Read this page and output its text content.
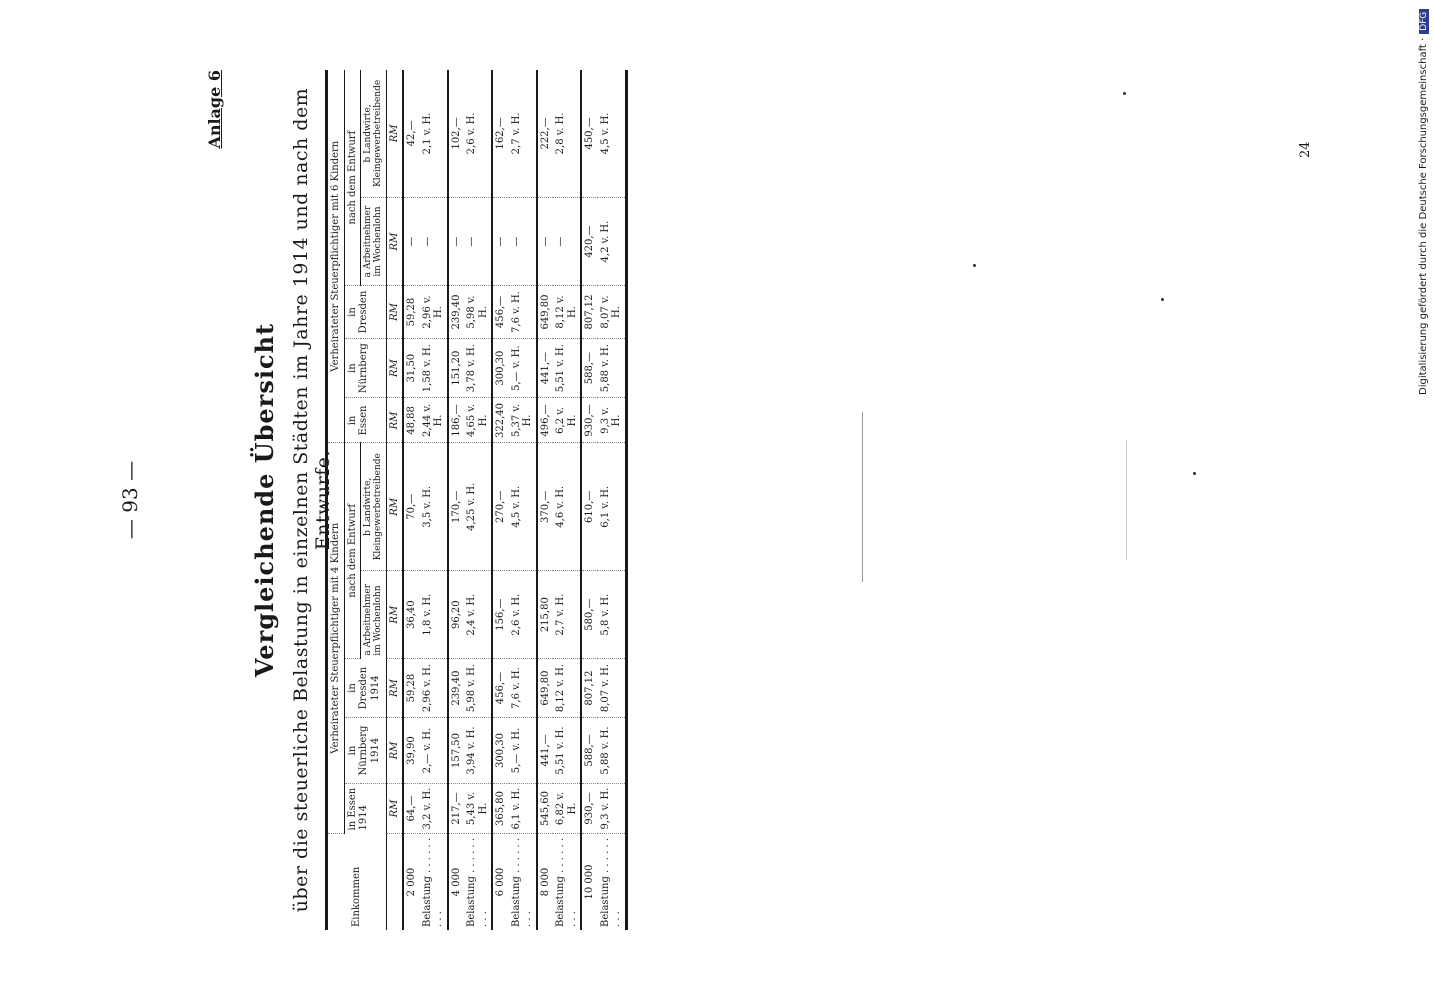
— 93 —
Anlage 6
Vergleichende Übersicht über die steuerliche Belastung in einzelnen Städten im Jahre 1914 und nach dem Entwurfe.
Einkommen	Verheirateter Steuerpflichtiger mit 4 Kindern					Verheirateter Steuerpflichtiger mit 6 Kindern				
	in Essen 1914	in Nürnberg 1914	in Dresden 1914	nach dem Entwurf		in Essen	in Nürnberg	in Dresden	nach dem Entwurf	
				a Arbeitnehmer im Wochenlohn	b Landwirte, Kleingewerbetreibende				a Arbeitnehmer im Wochenlohn	b Landwirte, Kleingewerbetreibende
	RM	RM	RM	RM	RM	RM	RM	RM	RM	RM
2 000	64,—	39,90	59,28	36,40	70,—	48,88	31,50	59,28	—	42,—
Belastung . . . . . . . . .	3,2 v. H.	2,— v. H.	2,96 v. H.	1,8 v. H.	3,5 v. H.	2,44 v. H.	1,58 v. H.	2,96 v. H.	—	2,1 v. H.
4 000	217,—	157,50	239,40	96,20	170,—	186,—	151,20	239,40	—	102,—
Belastung . . . . . . . . .	5,43 v. H.	3,94 v. H.	5,98 v. H.	2,4 v. H.	4,25 v. H.	4,65 v. H.	3,78 v. H.	5,98 v. H.	—	2,6 v. H.
6 000	365,80	300,30	456,—	156,—	270,—	322,40	300,30	456,—	—	162,—
Belastung . . . . . . . . .	6,1 v. H.	5,— v. H.	7,6 v. H.	2,6 v. H.	4,5 v. H.	5,37 v. H.	5,— v. H.	7,6 v. H.	—	2,7 v. H.
8 000	545,60	441,—	649,80	215,80	370,—	496,—	441,—	649,80	—	222,—
Belastung . . . . . . . . .	6,82 v. H.	5,51 v. H.	8,12 v. H.	2,7 v. H.	4,6 v. H.	6,2 v. H.	5,51 v. H.	8,12 v. H.	—	2,8 v. H.
10 000	930,—	588,—	807,12	580,—	610,—	930,—	588,—	807,12	420,—	450,—
Belastung . . . . . . . . .	9,3 v. H.	5,88 v. H.	8,07 v. H.	5,8 v. H.	6,1 v. H.	9,3 v. H.	5,88 v. H.	8,07 v. H.	4,2 v. H.	4,5 v. H.	24	Digitalisierung gefördert durch die Deutsche Forschungsgemeinschaft ·DFG
